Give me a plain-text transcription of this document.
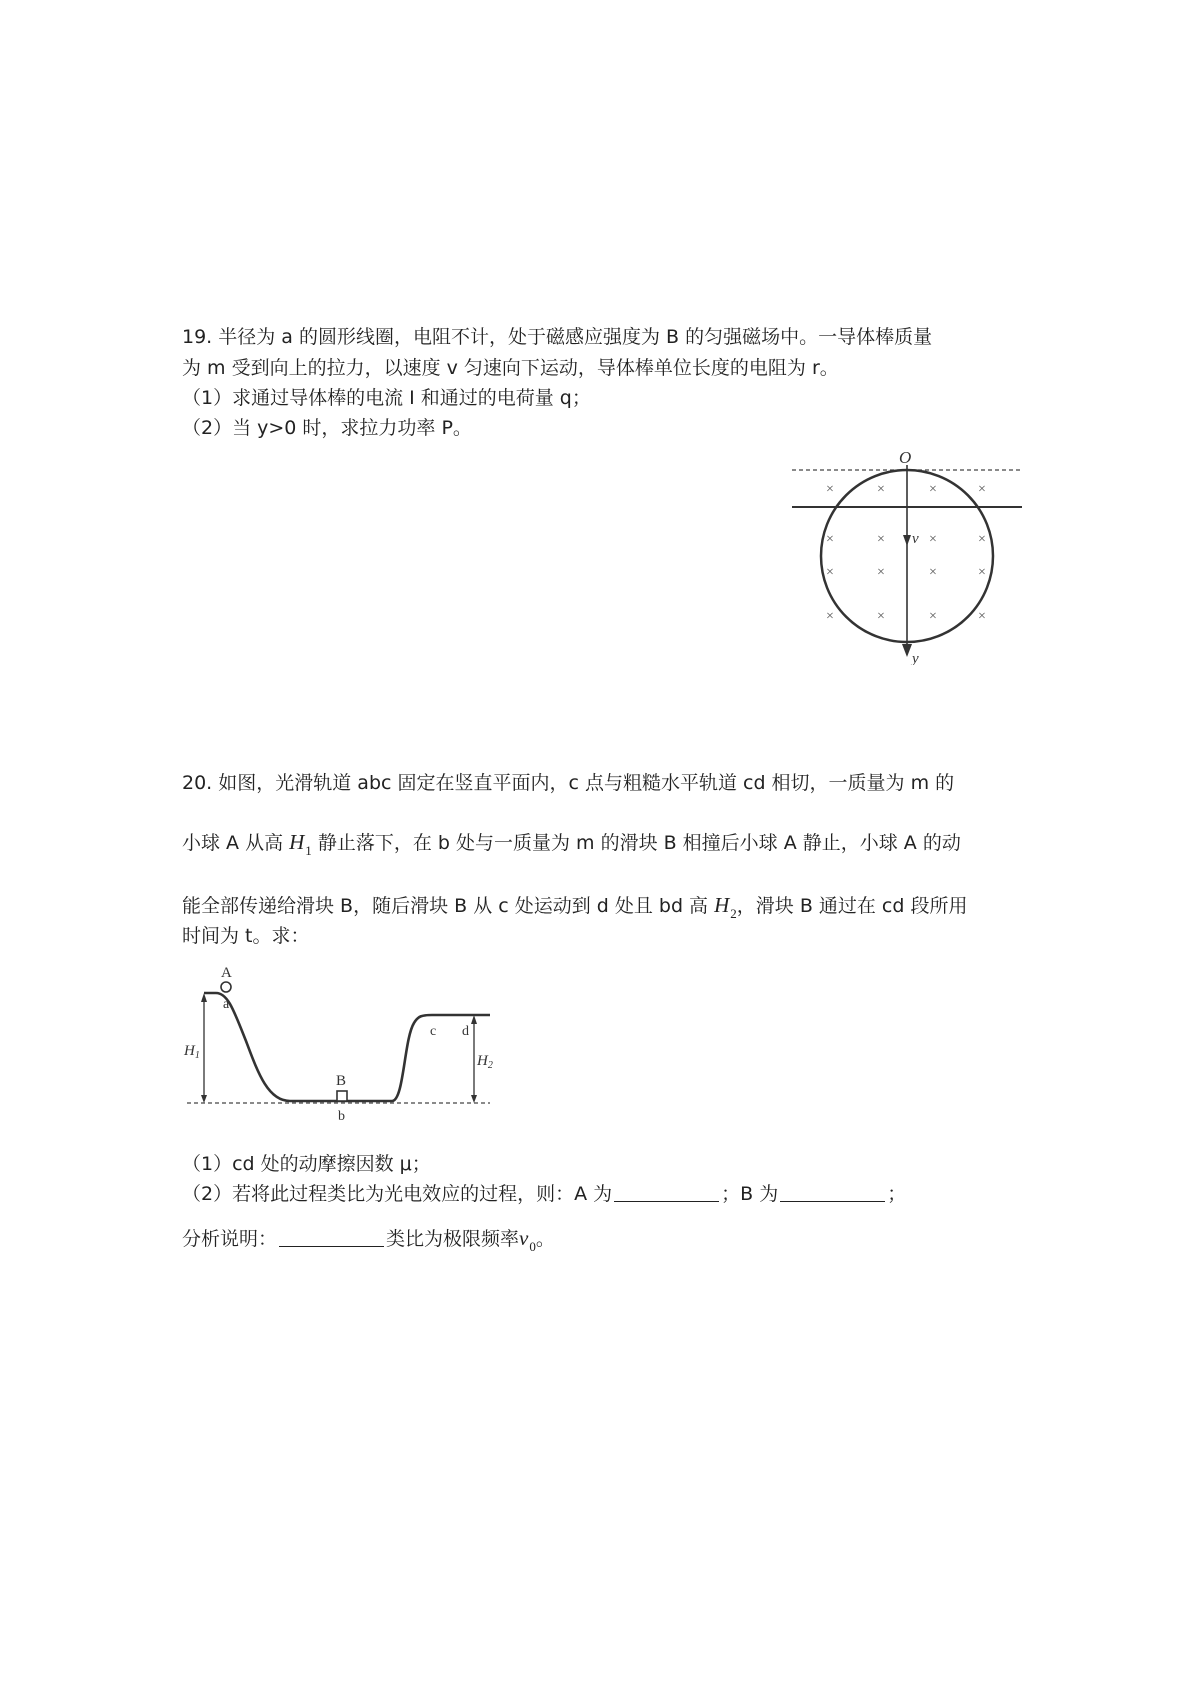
19. 半径为 a 的圆形线圈，电阻不计，处于磁感应强度为 B 的匀强磁场中。一导体棒质量
为 m 受到向上的拉力，以速度 v 匀速向下运动，导体棒单位长度的电阻为 r。
（1）求通过导体棒的电流 I 和通过的电荷量 q；
（2）当 y>0 时，求拉力功率 P。
O
v
y
×	×	×	×
×	×	×	×
×	×	×	×
×	×	×	×
20. 如图，光滑轨道 abc 固定在竖直平面内，c 点与粗糙水平轨道 cd 相切，一质量为 m 的
小球 A 从高 $H_1$ 静止落下，在 b 处与一质量为 m 的滑块 B 相撞后小球 A 静止，小球 A 的动
能全部传递给滑块 B，随后滑块 B 从 c 处运动到 d 处且 bd 高 $H_2$，滑块 B 通过在 cd 段所用
时间为 t。求：
A
a
B
b
c d
$H_1$	$H_2$
（1）cd 处的动摩擦因数 μ；
（2）若将此过程类比为光电效应的过程，则：A 为	；B 为	；
分析说明：	类比为极限频率$\nu_0$。
